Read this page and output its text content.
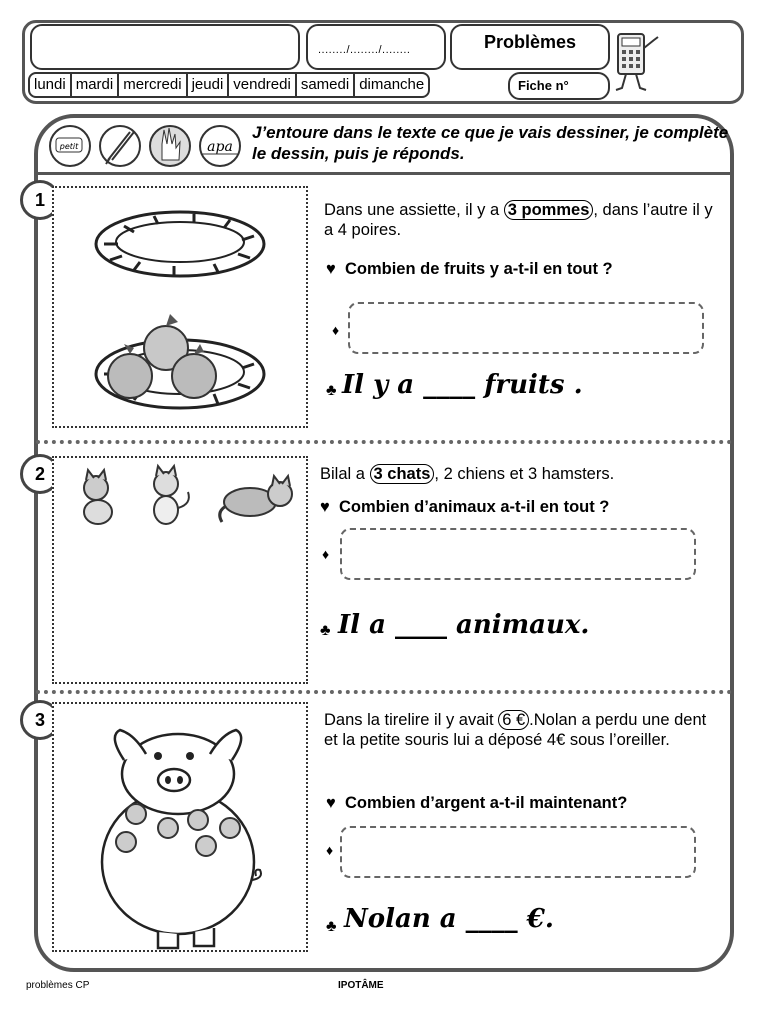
......../......../........	Problèmes
lundi mardi mercredi jeudi vendredi samedi dimanche	Fiche n°
petit	apa
J’entoure dans le texte ce que je vais dessiner, je complète le dessin, puis je réponds.
1	Dans une assiette, il y a 3 pommes , dans l’autre il y a 4 poires.
♥ Combien de fruits y a-t-il en tout ?
♦
♣ Il y a ____ fruits .
2	Bilal a 3 chats , 2 chiens et 3 hamsters.
♥ Combien d’animaux a-t-il en tout ?
♦
♣ Il a ____ animaux.
3	Dans la tirelire il y avait 6 € .Nolan a perdu une dent et la petite souris lui a déposé 4€ sous l’oreiller.
♥ Combien d’argent a-t-il maintenant?
♦
♣ Nolan a ____ €.
problèmes CP	IPOTÂME
